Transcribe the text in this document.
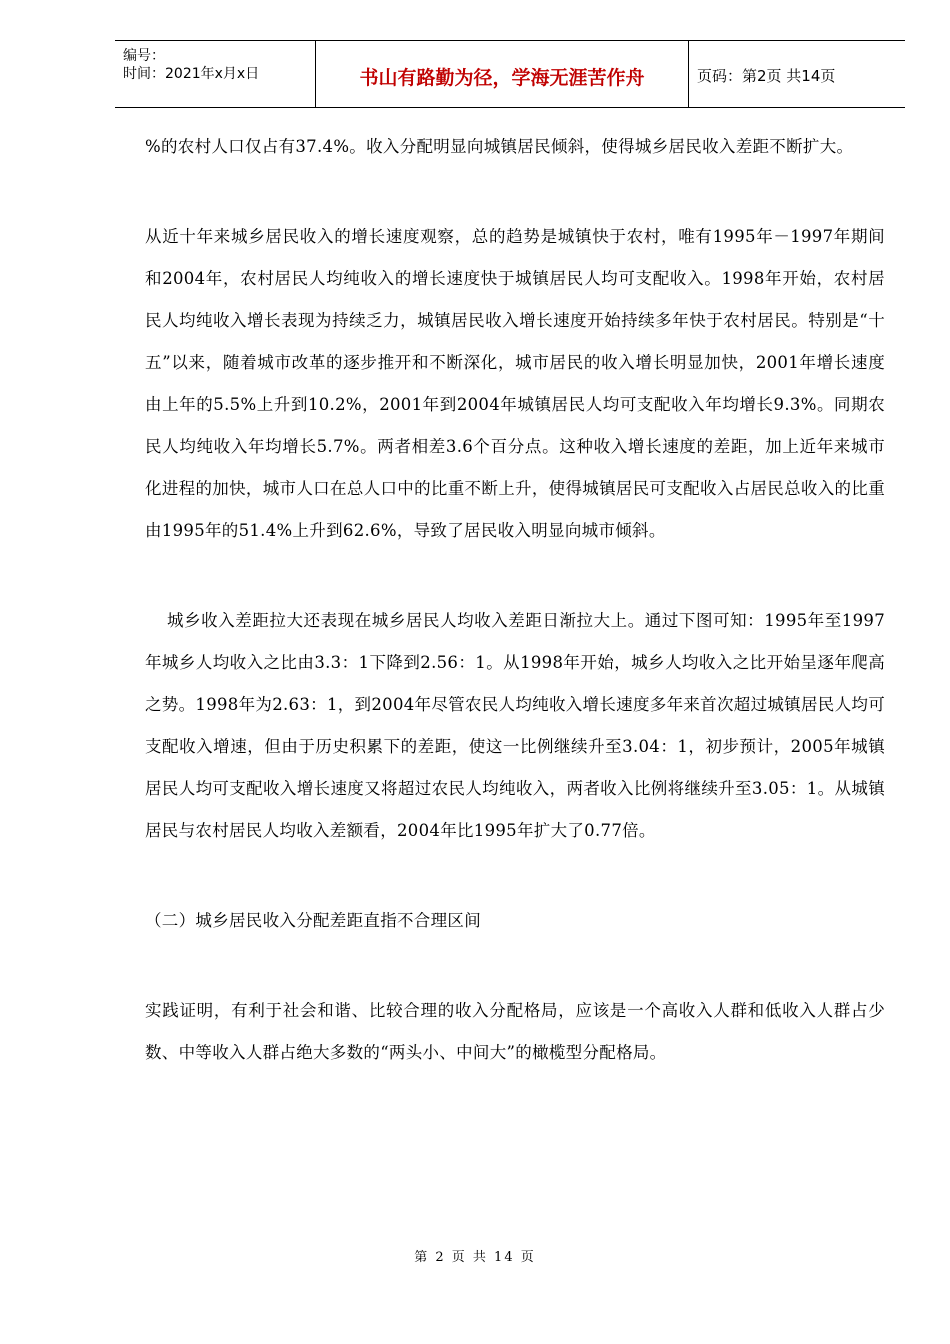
编号：
时间：2021年x月x日	书山有路勤为径，学海无涯苦作舟	页码：第2页 共14页

%的农村人口仅占有37.4%。收入分配明显向城镇居民倾斜，使得城乡居民收入差距不断扩大。

从近十年来城乡居民收入的增长速度观察，总的趋势是城镇快于农村，唯有1995年－1997年期间和2004年，农村居民人均纯收入的增长速度快于城镇居民人均可支配收入。1998年开始，农村居民人均纯收入增长表现为持续乏力，城镇居民收入增长速度开始持续多年快于农村居民。特别是“十五”以来，随着城市改革的逐步推开和不断深化，城市居民的收入增长明显加快，2001年增长速度由上年的5.5%上升到10.2%，2001年到2004年城镇居民人均可支配收入年均增长9.3%。同期农民人均纯收入年均增长5.7%。两者相差3.6个百分点。这种收入增长速度的差距，加上近年来城市化进程的加快，城市人口在总人口中的比重不断上升，使得城镇居民可支配收入占居民总收入的比重由1995年的51.4%上升到62.6%，导致了居民收入明显向城市倾斜。

城乡收入差距拉大还表现在城乡居民人均收入差距日渐拉大上。通过下图可知：1995年至1997年城乡人均收入之比由3.3：1下降到2.56：1。从1998年开始，城乡人均收入之比开始呈逐年爬高之势。1998年为2.63：1，到2004年尽管农民人均纯收入增长速度多年来首次超过城镇居民人均可支配收入增速，但由于历史积累下的差距，使这一比例继续升至3.04：1，初步预计，2005年城镇居民人均可支配收入增长速度又将超过农民人均纯收入，两者收入比例将继续升至3.05：1。从城镇居民与农村居民人均收入差额看，2004年比1995年扩大了0.77倍。

（二）城乡居民收入分配差距直指不合理区间

实践证明，有利于社会和谐、比较合理的收入分配格局，应该是一个高收入人群和低收入人群占少数、中等收入人群占绝大多数的“两头小、中间大”的橄榄型分配格局。

第 2 页 共 14 页
